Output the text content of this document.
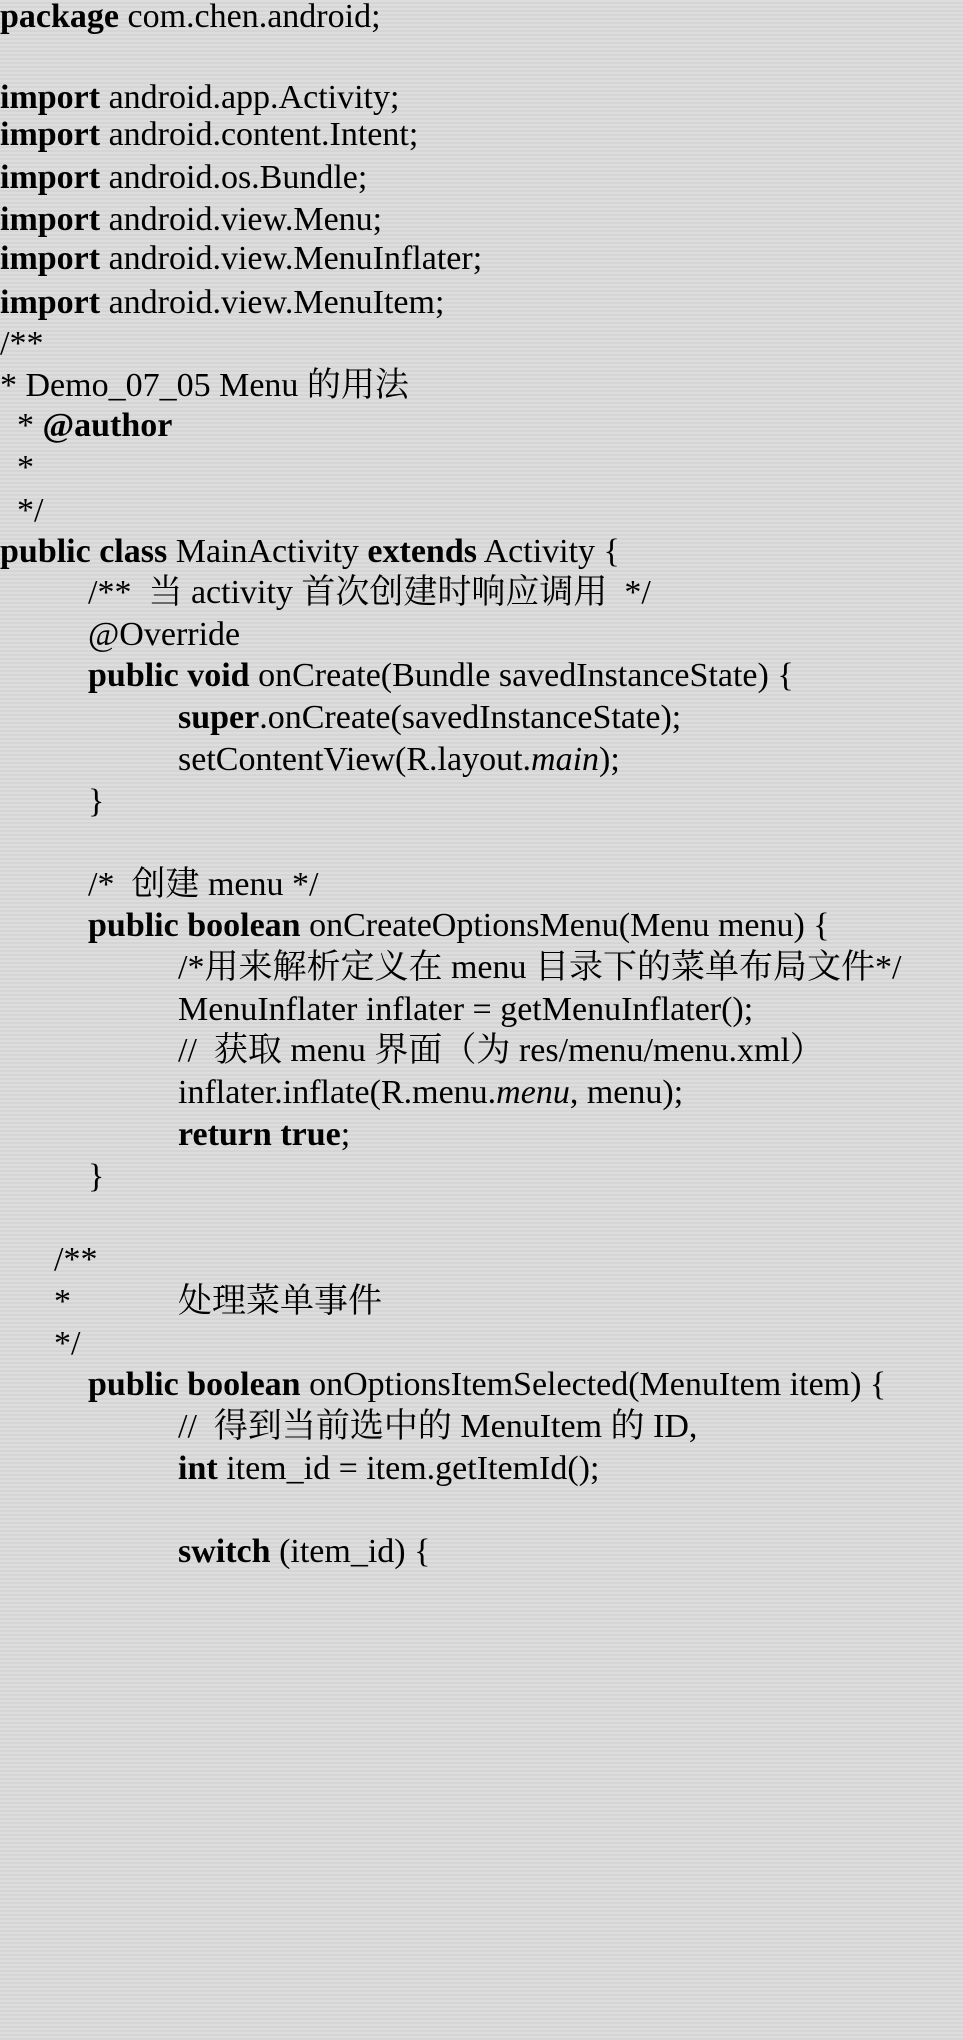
package com.chen.android;
import android.app.Activity;
import android.content.Intent;
import android.os.Bundle;
import android.view.Menu;
import android.view.MenuInflater;
import android.view.MenuItem;
/**
* Demo_07_05 Menu 的用法
* @author
*
*/
public class MainActivity extends Activity {
/**  当 activity 首次创建时响应调用  */
@Override
public void onCreate(Bundle savedInstanceState) {
super.onCreate(savedInstanceState);
setContentView(R.layout.main);
}
/*  创建 menu */
public boolean onCreateOptionsMenu(Menu menu) {
/*用来解析定义在 menu 目录下的菜单布局文件*/
MenuInflater inflater = getMenuInflater();
//  获取 menu 界面（为 res/menu/menu.xml）
inflater.inflate(R.menu.menu, menu);
return true;
}
/**
*	处理菜单事件
*/
public boolean onOptionsItemSelected(MenuItem item) {
//  得到当前选中的 MenuItem 的 ID,
int item_id = item.getItemId();
switch (item_id) {
